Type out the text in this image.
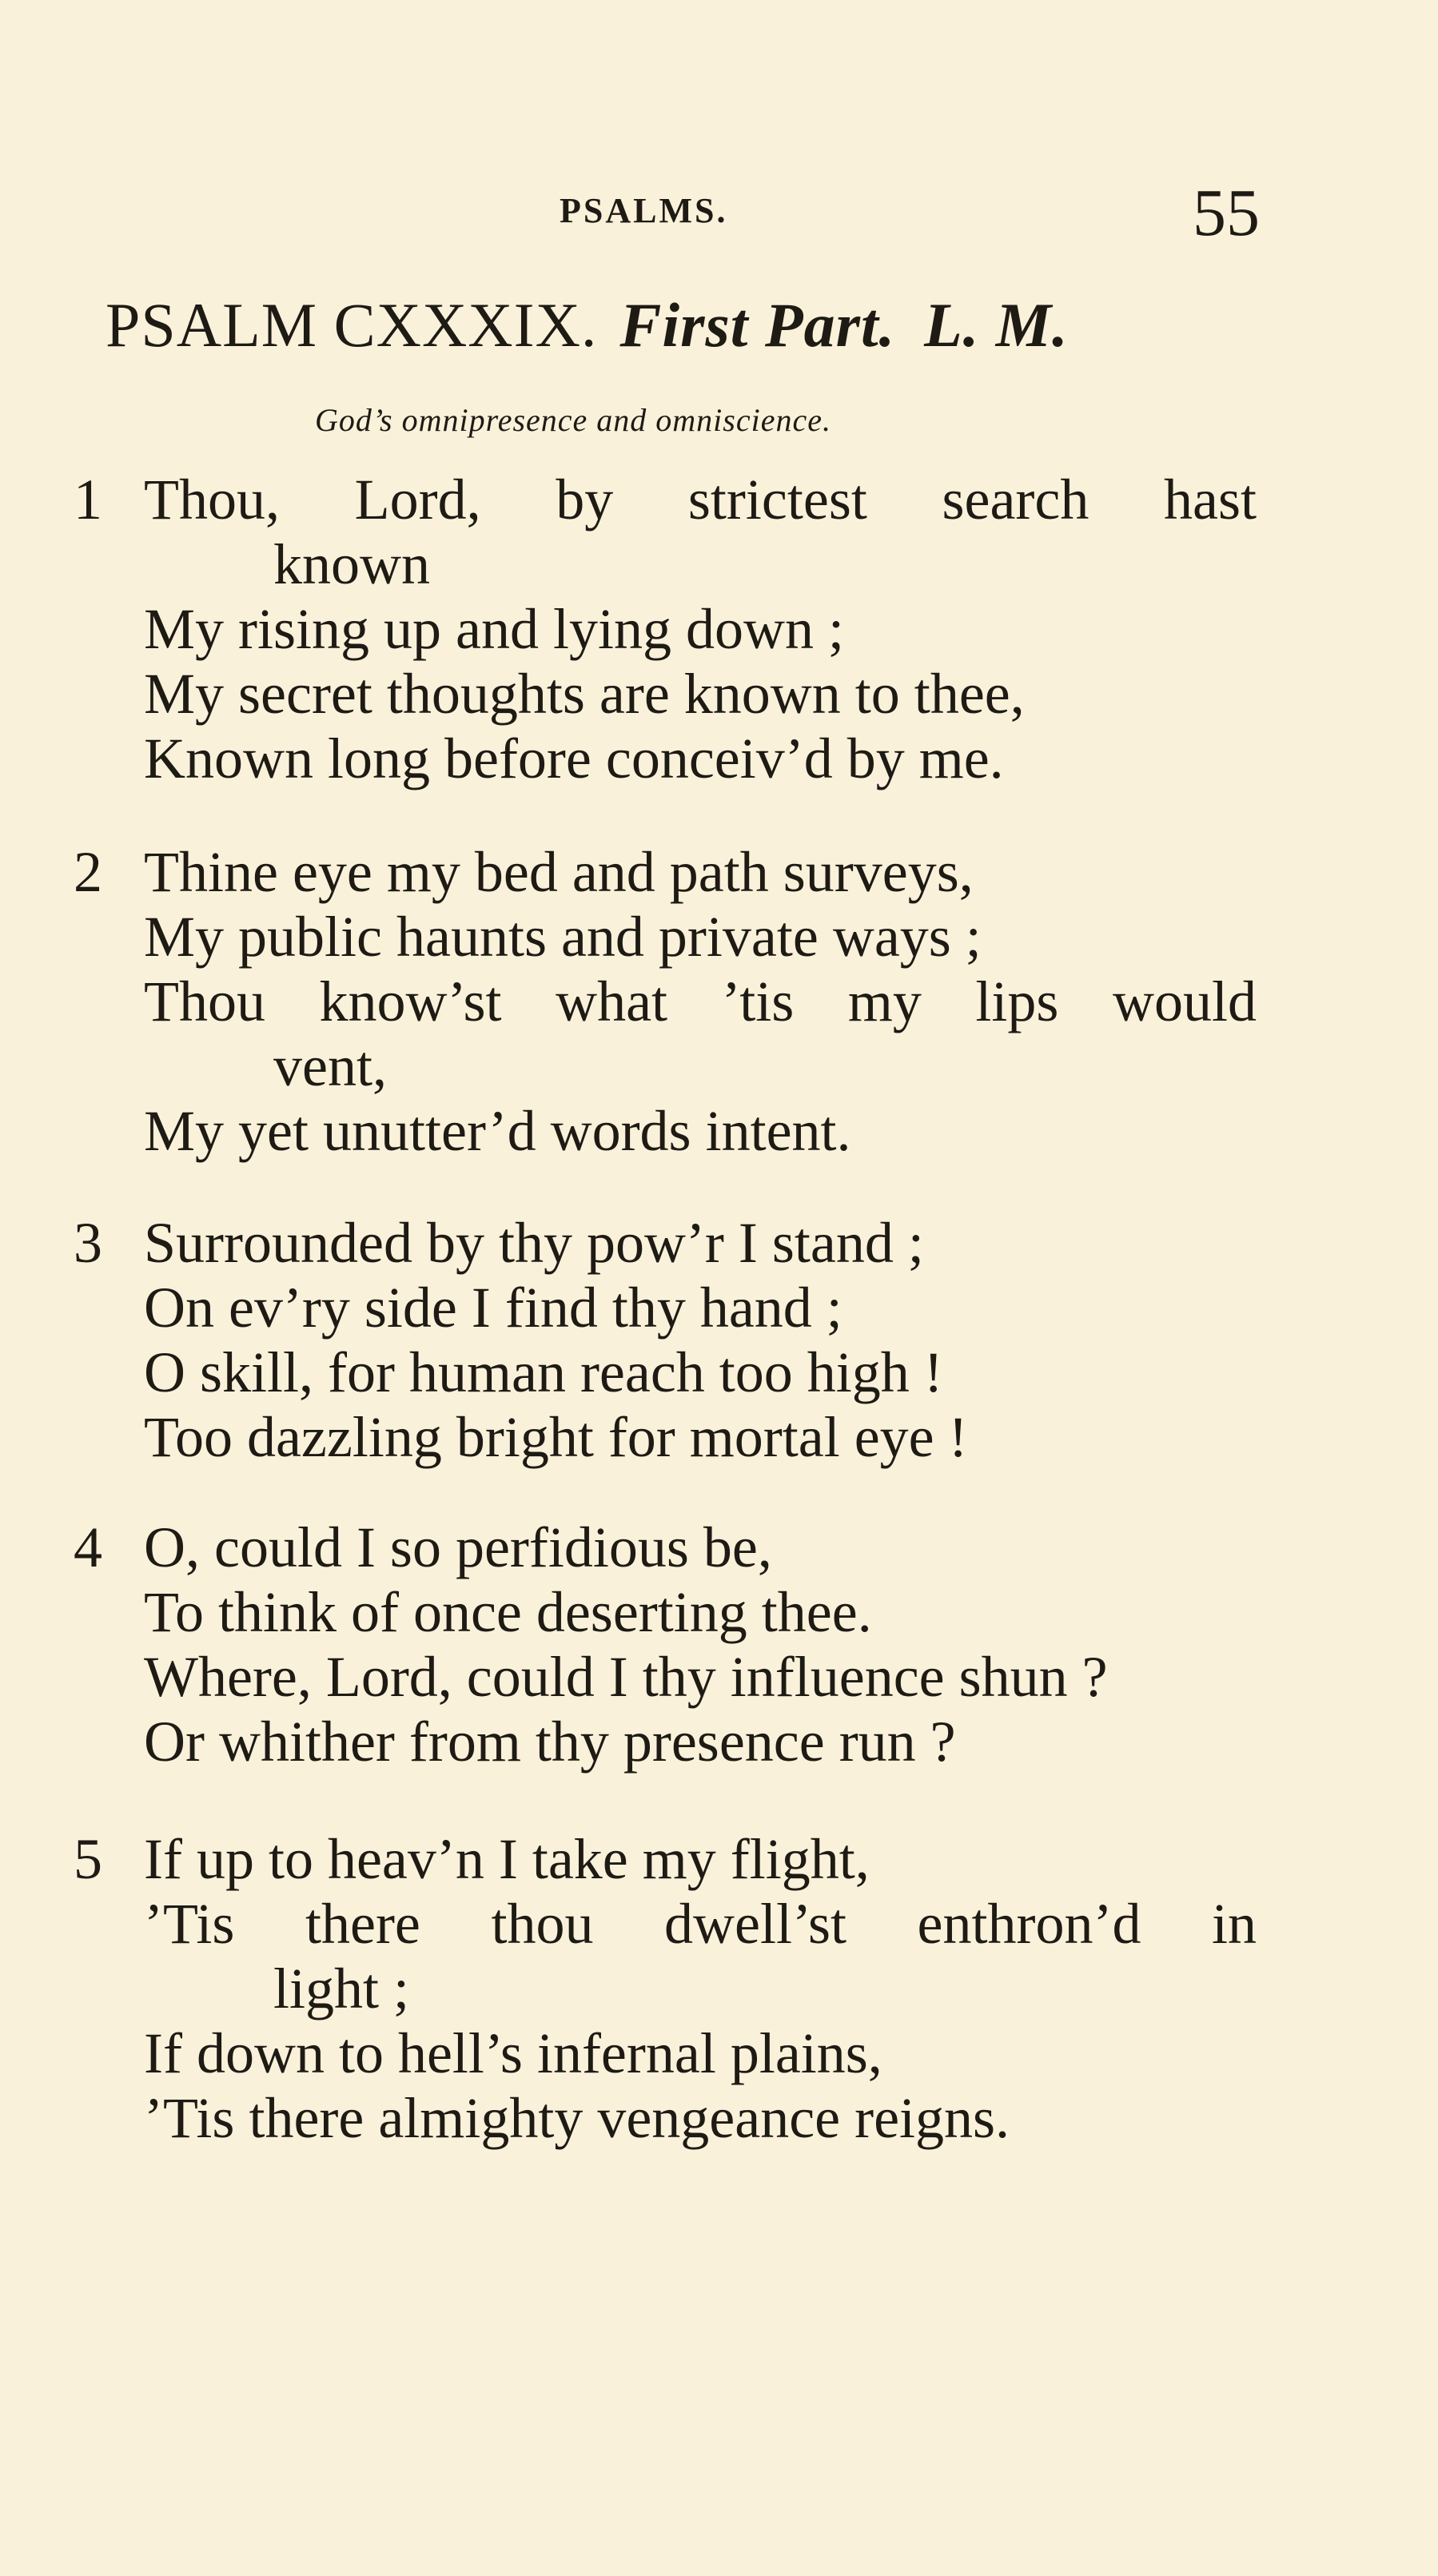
PSALMS.	55
PSALM CXXXIX. First Part. L. M.
God’s omnipresence and omniscience.
1 Thou, Lord, by strictest search hast
known
My rising up and lying down ;
My secret thoughts are known to thee,
Known long before conceiv’d by me.
2 Thine eye my bed and path surveys,
My public haunts and private ways ;
Thou know’st what ’tis my lips would
vent,
My yet unutter’d words intent.
3 Surrounded by thy pow’r I stand ;
On ev’ry side I find thy hand ;
O skill, for human reach too high !
Too dazzling bright for mortal eye !
4 O, could I so perfidious be,
To think of once deserting thee.
Where, Lord, could I thy influence shun ?
Or whither from thy presence run ?
5 If up to heav’n I take my flight,
’Tis there thou dwell’st enthron’d in
light ;
If down to hell’s infernal plains,
’Tis there almighty vengeance reigns.
